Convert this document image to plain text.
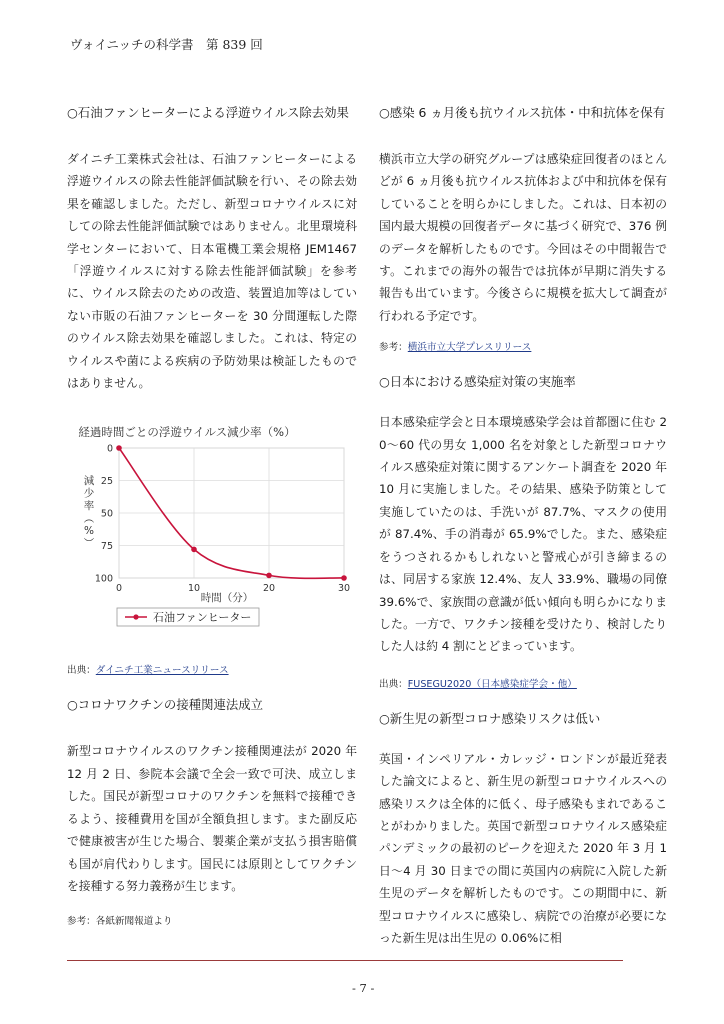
ヴォイニッチの科学書　第 839 回

○石油ファンヒーターによる浮遊ウイルス除去効果

ダイニチ工業株式会社は、石油ファンヒーターによる浮遊ウイルスの除去性能評価試験を行い、その除去効果を確認しました。ただし、新型コロナウイルスに対しての除去性能評価試験ではありません。北里環境科学センターにおいて、日本電機工業会規格 JEM1467「浮遊ウイルスに対する除去性能評価試験」を参考に、ウイルス除去のための改造、装置追加等はしていない市販の石油ファンヒーターを 30 分間運転した際のウイルス除去効果を確認しました。これは、特定のウイルスや菌による疾病の予防効果は検証したものではありません。

経過時間ごとの浮遊ウイルス減少率（%）
0
25
50
75
100
0	10	20	30
時間（分）
減少率︵ % ︶
石油ファンヒーター

出典：ダイニチ工業ニュースリリース

○コロナワクチンの接種関連法成立

新型コロナウイルスのワクチン接種関連法が 2020 年 12 月 2 日、参院本会議で全会一致で可決、成立しました。国民が新型コロナのワクチンを無料で接種できるよう、接種費用を国が全額負担します。また副反応で健康被害が生じた場合、製薬企業が支払う損害賠償も国が肩代わりします。国民には原則としてワクチンを接種する努力義務が生じます。

参考：各紙新聞報道より

○感染 6 ヵ月後も抗ウイルス抗体・中和抗体を保有

横浜市立大学の研究グループは感染症回復者のほとんどが 6 ヵ月後も抗ウイルス抗体および中和抗体を保有していることを明らかにしました。これは、日本初の国内最大規模の回復者データに基づく研究で、376 例のデータを解析したものです。今回はその中間報告です。これまでの海外の報告では抗体が早期に消失する報告も出ています。今後さらに規模を拡大して調査が行われる予定です。

参考：横浜市立大学プレスリリース

○日本における感染症対策の実施率

日本感染症学会と日本環境感染学会は首都圏に住む 20～60 代の男女 1,000 名を対象とした新型コロナウイルス感染症対策に関するアンケート調査を 2020 年 10 月に実施しました。その結果、感染予防策として実施していたのは、手洗いが 87.7%、マスクの使用が 87.4%、手の消毒が 65.9%でした。また、感染症をうつされるかもしれないと警戒心が引き締まるのは、同居する家族 12.4%、友人 33.9%、職場の同僚 39.6%で、家族間の意識が低い傾向も明らかになりました。一方で、ワクチン接種を受けたり、検討したりした人は約 4 割にとどまっています。

出典：FUSEGU2020（日本感染症学会・他）

○新生児の新型コロナ感染リスクは低い

英国・インペリアル・カレッジ・ロンドンが最近発表した論文によると、新生児の新型コロナウイルスへの感染リスクは全体的に低く、母子感染もまれであることがわかりました。英国で新型コロナウイルス感染症パンデミックの最初のピークを迎えた 2020 年 3 月 1 日～4 月 30 日までの間に英国内の病院に入院した新生児のデータを解析したものです。この期間中に、新型コロナウイルスに感染し、病院での治療が必要になった新生児は出生児の 0.06%に相

- 7 -
